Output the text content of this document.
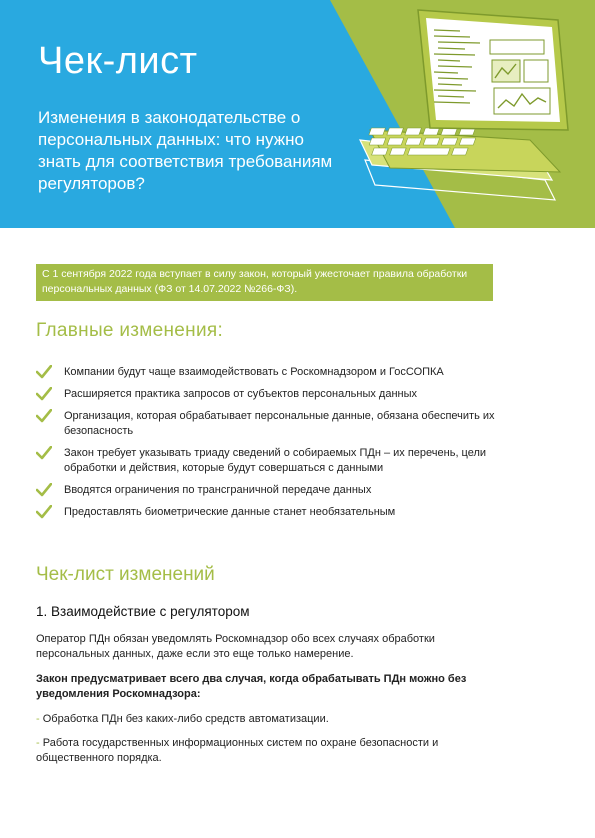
Чек-лист

Изменения в законодательстве о персональных данных: что нужно знать для соответствия требованиям регуляторов?

С 1 сентября 2022 года вступает в силу закон, который ужесточает правила обработки персональных данных (ФЗ от 14.07.2022 №266-ФЗ).
Главные изменения:
Компании будут чаще взаимодействовать с Роскомнадзором и ГосСОПКА
Расширяется практика запросов от субъектов персональных данных
Организация, которая обрабатывает персональные данные, обязана обеспечить их безопасность
Закон требует указывать триаду сведений о собираемых ПДн – их перечень, цели обработки и действия, которые будут совершаться с данными
Вводятся ограничения по трансграничной передаче данных
Предоставлять биометрические данные станет необязательным
Чек-лист изменений
1. Взаимодействие с регулятором

Оператор ПДн обязан уведомлять Роскомнадзор обо всех случаях обработки персональных данных, даже если это еще только намерение.

Закон предусматривает всего два случая, когда обрабатывать ПДн можно без уведомления Роскомнадзора:

- Обработка ПДн без каких-либо средств автоматизации.

- Работа государственных информационных систем по охране безопасности и общественного порядка.
